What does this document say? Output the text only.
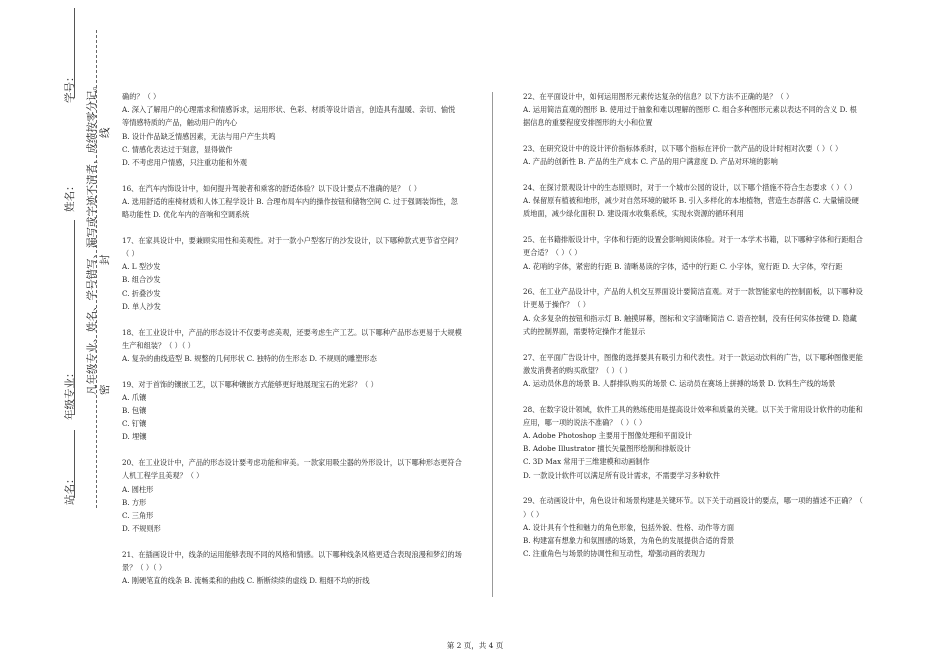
站名：
年级专业：
姓名：
学号： 凡年级专业、姓名、学号错写、漏写或字迹不清者，成绩按零分记。 密
封
线

确的？（ ）

A. 深入了解用户的心理需求和情感诉求，运用形状、色彩、材质等设计语言，创造具有温暖、亲切、愉悦等情感特质的产品，触动用户的内心

B. 设计作品缺乏情感因素，无法与用户产生共鸣

C. 情感化表达过于刻意，显得做作

D. 不考虑用户情感，只注重功能和外观

16、在汽车内饰设计中，如何提升驾驶者和乘客的舒适体验？以下设计要点不准确的是？（ ）

A. 选用舒适的座椅材质和人体工程学设计 B. 合理布局车内的操作按钮和储物空间 C. 过于强调装饰性，忽略功能性 D. 优化车内的音响和空调系统

17、在家具设计中，要兼顾实用性和美观性。对于一款小户型客厅的沙发设计，以下哪种款式更节省空间？（ ）

A. L 型沙发

B. 组合沙发

C. 折叠沙发

D. 单人沙发

18、在工业设计中，产品的形态设计不仅要考虑美观，还要考虑生产工艺。以下哪种产品形态更易于大规模生产和组装？（ ）（ ）

A. 复杂的曲线造型 B. 规整的几何形状 C. 独特的仿生形态 D. 不规则的雕塑形态

19、对于首饰的镶嵌工艺，以下哪种镶嵌方式能够更好地展现宝石的光彩？（ ）

A. 爪镶

B. 包镶

C. 钉镶

D. 埋镶

20、在工业设计中，产品的形态设计要考虑功能和审美。一款家用吸尘器的外形设计，以下哪种形态更符合人机工程学且美观？（ ）

A. 圆柱形

B. 方形

C. 三角形

D. 不规则形

21、在插画设计中，线条的运用能够表现不同的风格和情感。以下哪种线条风格更适合表现浪漫和梦幻的场景？（ ）（ ）

A. 刚硬笔直的线条 B. 流畅柔和的曲线 C. 断断续续的虚线 D. 粗细不均的折线

22、在平面设计中，如何运用图形元素传达复杂的信息？以下方法不正确的是？（ ）

A. 运用简洁直观的图形 B. 使用过于抽象和难以理解的图形 C. 组合多种图形元素以表达不同的含义 D. 根据信息的重要程度安排图形的大小和位置

23、在研究设计中的设计评价指标体系时，以下哪个指标在评价一款产品的设计时相对次要（ ）（ ）

A. 产品的创新性 B. 产品的生产成本 C. 产品的用户满意度 D. 产品对环境的影响

24、在探讨景观设计中的生态原则时，对于一个城市公园的设计，以下哪个措施不符合生态要求（ ）（ ）

A. 保留原有植被和地形，减少对自然环境的破坏 B. 引入多样化的本地植物，营造生态群落 C. 大量铺设硬质地面，减少绿化面积 D. 建设雨水收集系统，实现水资源的循环利用

25、在书籍排版设计中，字体和行距的设置会影响阅读体验。对于一本学术书籍，以下哪种字体和行距组合更合适？（ ）（ ）

A. 花哨的字体，紧密的行距 B. 清晰易读的字体，适中的行距 C. 小字体，宽行距 D. 大字体，窄行距

26、在工业产品设计中，产品的人机交互界面设计要简洁直观。对于一款智能家电的控制面板，以下哪种设计更易于操作？（ ）

A. 众多复杂的按钮和指示灯 B. 触摸屏幕，图标和文字清晰简洁 C. 语音控制，没有任何实体按键 D. 隐藏式的控制界面，需要特定操作才能显示

27、在平面广告设计中，图像的选择要具有吸引力和代表性。对于一款运动饮料的广告，以下哪种图像更能激发消费者的购买欲望？（ ）（ ）

A. 运动员休息的场景 B. 人群排队购买的场景 C. 运动员在赛场上拼搏的场景 D. 饮料生产线的场景

28、在数字设计领域，软件工具的熟练使用是提高设计效率和质量的关键。以下关于常用设计软件的功能和应用，哪一项的说法不准确？（ ）（ ）

A. Adobe Photoshop 主要用于图像处理和平面设计

B. Adobe Illustrator 擅长矢量图形绘制和排版设计

C. 3D Max 常用于三维建模和动画制作

D. 一款设计软件可以满足所有设计需求，不需要学习多种软件

29、在动画设计中，角色设计和场景构建是关键环节。以下关于动画设计的要点，哪一项的描述不正确？（ ）（ ）

A. 设计具有个性和魅力的角色形象，包括外貌、性格、动作等方面

B. 构建富有想象力和氛围感的场景，为角色的发展提供合适的背景

C. 注重角色与场景的协调性和互动性，增强动画的表现力

第 2 页，共 4 页
